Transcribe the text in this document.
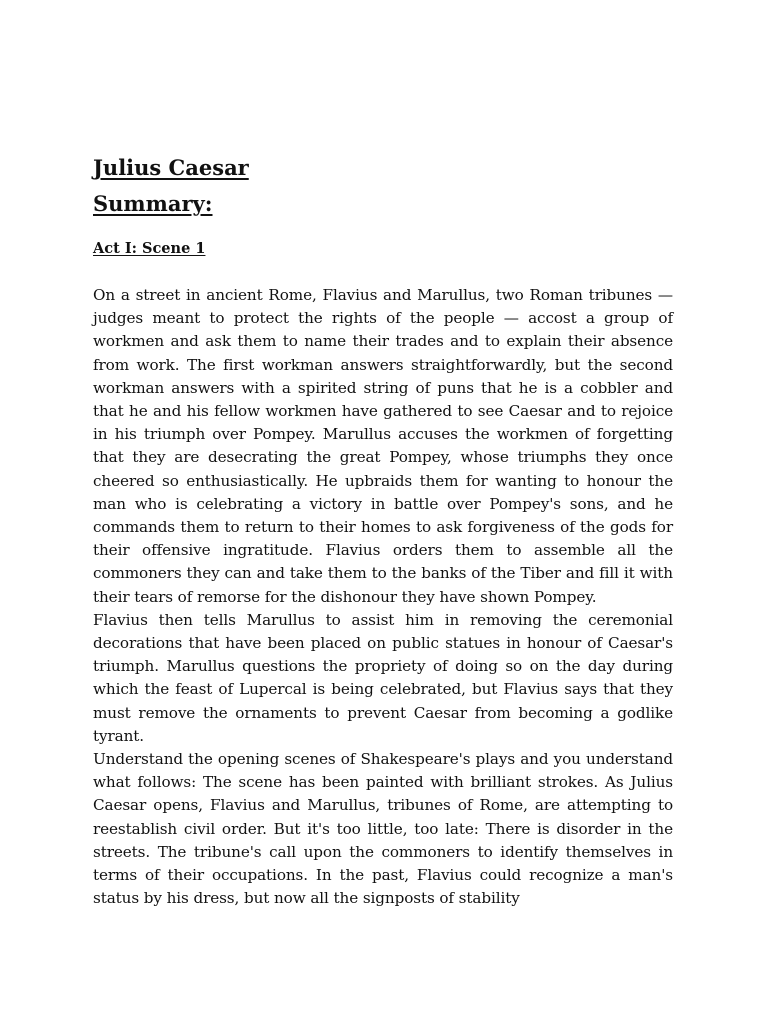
Julius Caesar
Summary:
Act I: Scene 1

On a street in ancient Rome, Flavius and Marullus, two Roman tribunes — judges meant to protect the rights of the people — accost a group of workmen and ask them to name their trades and to explain their absence from work. The first workman answers straightforwardly, but the second workman answers with a spirited string of puns that he is a cobbler and that he and his fellow workmen have gathered to see Caesar and to rejoice in his triumph over Pompey. Marullus accuses the workmen of forgetting that they are desecrating the great Pompey, whose triumphs they once cheered so enthusiastically. He upbraids them for wanting to honour the man who is celebrating a victory in battle over Pompey's sons, and he commands them to return to their homes to ask forgiveness of the gods for their offensive ingratitude. Flavius orders them to assemble all the commoners they can and take them to the banks of the Tiber and fill it with their tears of remorse for the dishonour they have shown Pompey.

Flavius then tells Marullus to assist him in removing the ceremonial decorations that have been placed on public statues in honour of Caesar's triumph. Marullus questions the propriety of doing so on the day during which the feast of Lupercal is being celebrated, but Flavius says that they must remove the ornaments to prevent Caesar from becoming a godlike tyrant.

Understand the opening scenes of Shakespeare's plays and you understand what follows: The scene has been painted with brilliant strokes. As Julius Caesar opens, Flavius and Marullus, tribunes of Rome, are attempting to reestablish civil order. But it's too little, too late: There is disorder in the streets. The tribune's call upon the commoners to identify themselves in terms of their occupations. In the past, Flavius could recognize a man's status by his dress, but now all the signposts of stability
